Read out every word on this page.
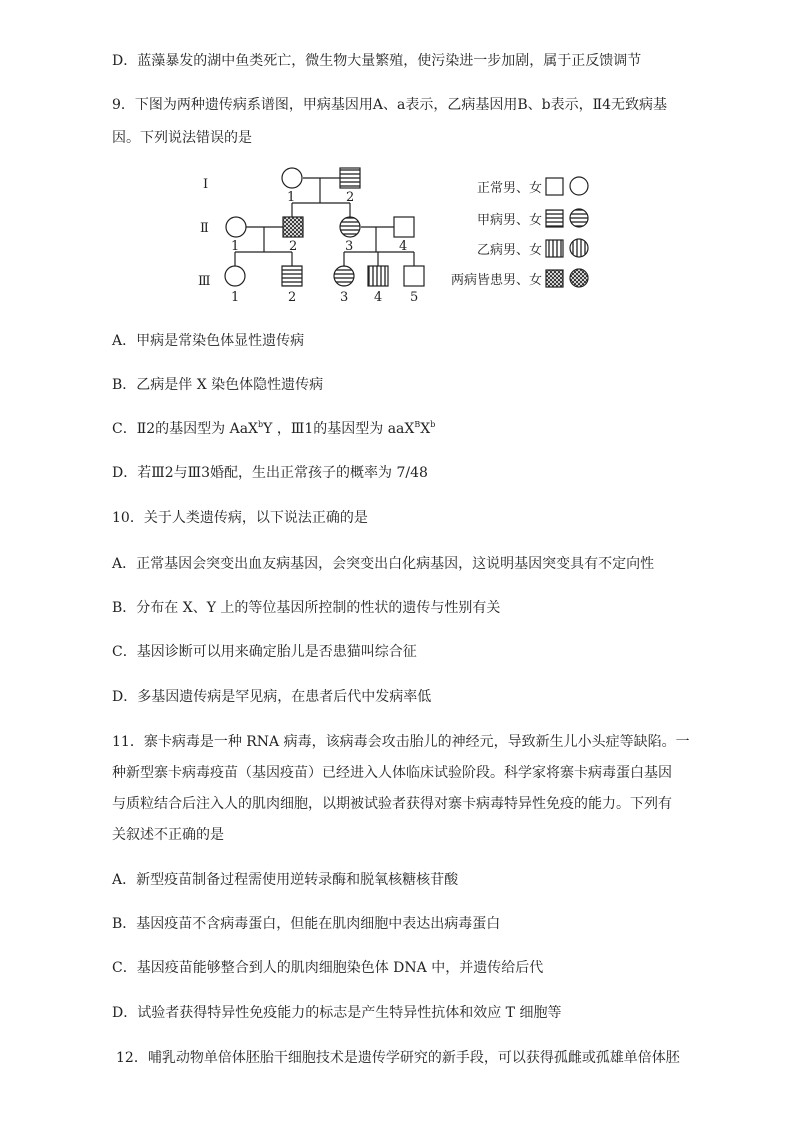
D．蓝藻暴发的湖中鱼类死亡，微生物大量繁殖，使污染进一步加剧，属于正反馈调节
9．下图为两种遗传病系谱图，甲病基因用A、a表示，乙病基因用B、b表示，Ⅱ4无致病基
因。下列说法错误的是
Ⅰ
Ⅱ
Ⅲ
1	2
1	2	3	4
1	2	3 4 5
正常男、女
甲病男、女
乙病男、女
两病皆患男、女
A．甲病是常染色体显性遗传病
B．乙病是伴 X 染色体隐性遗传病
C．Ⅱ2的基因型为 AaX$^b$Y ，Ⅲ1的基因型为 $aaX^BX^b$
D．若Ⅲ2与Ⅲ3婚配，生出正常孩子的概率为 7/48
10．关于人类遗传病，以下说法正确的是
A．正常基因会突变出血友病基因，会突变出白化病基因，这说明基因突变具有不定向性
B．分布在 X、Y 上的等位基因所控制的性状的遗传与性别有关
C．基因诊断可以用来确定胎儿是否患猫叫综合征
D．多基因遗传病是罕见病，在患者后代中发病率低
11．寨卡病毒是一种 RNA 病毒，该病毒会攻击胎儿的神经元，导致新生儿小头症等缺陷。一
种新型寨卡病毒疫苗（基因疫苗）已经进入人体临床试验阶段。科学家将寨卡病毒蛋白基因
与质粒结合后注入人的肌肉细胞，以期被试验者获得对寨卡病毒特异性免疫的能力。下列有
关叙述不正确的是
A．新型疫苗制备过程需使用逆转录酶和脱氧核糖核苷酸
B．基因疫苗不含病毒蛋白，但能在肌肉细胞中表达出病毒蛋白
C．基因疫苗能够整合到人的肌肉细胞染色体 DNA 中，并遗传给后代
D．试验者获得特异性免疫能力的标志是产生特异性抗体和效应 T 细胞等
12．哺乳动物单倍体胚胎干细胞技术是遗传学研究的新手段，可以获得孤雌或孤雄单倍体胚
